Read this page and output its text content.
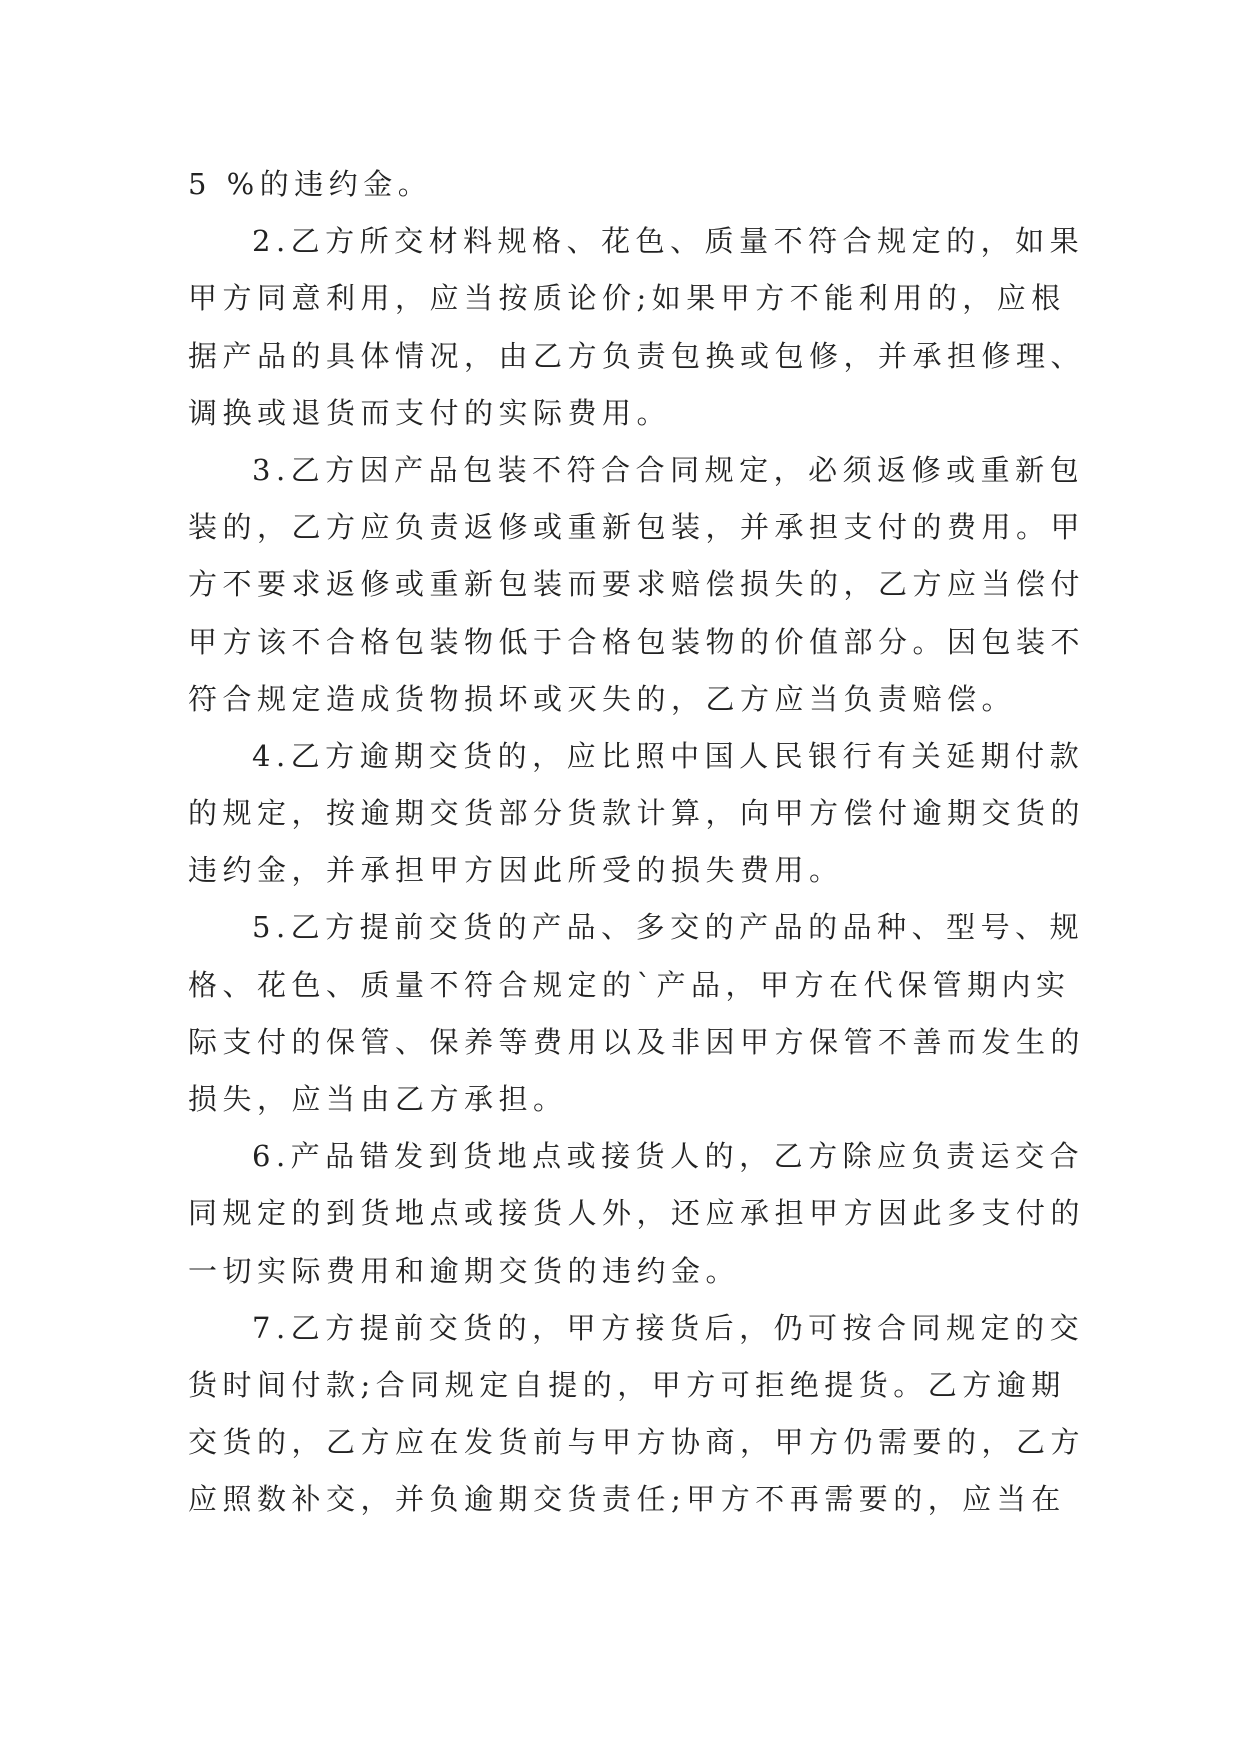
5 %的违约金。
2.乙方所交材料规格、花色、质量不符合规定的，如果
甲方同意利用，应当按质论价;如果甲方不能利用的，应根
据产品的具体情况，由乙方负责包换或包修，并承担修理、
调换或退货而支付的实际费用。
3.乙方因产品包装不符合合同规定，必须返修或重新包
装的，乙方应负责返修或重新包装，并承担支付的费用。甲
方不要求返修或重新包装而要求赔偿损失的，乙方应当偿付
甲方该不合格包装物低于合格包装物的价值部分。因包装不
符合规定造成货物损坏或灭失的，乙方应当负责赔偿。
4.乙方逾期交货的，应比照中国人民银行有关延期付款
的规定，按逾期交货部分货款计算，向甲方偿付逾期交货的
违约金，并承担甲方因此所受的损失费用。
5.乙方提前交货的产品、多交的产品的品种、型号、规
格、花色、质量不符合规定的`产品，甲方在代保管期内实
际支付的保管、保养等费用以及非因甲方保管不善而发生的
损失，应当由乙方承担。
6.产品错发到货地点或接货人的，乙方除应负责运交合
同规定的到货地点或接货人外，还应承担甲方因此多支付的
一切实际费用和逾期交货的违约金。
7.乙方提前交货的，甲方接货后，仍可按合同规定的交
货时间付款;合同规定自提的，甲方可拒绝提货。乙方逾期
交货的，乙方应在发货前与甲方协商，甲方仍需要的，乙方
应照数补交，并负逾期交货责任;甲方不再需要的，应当在
